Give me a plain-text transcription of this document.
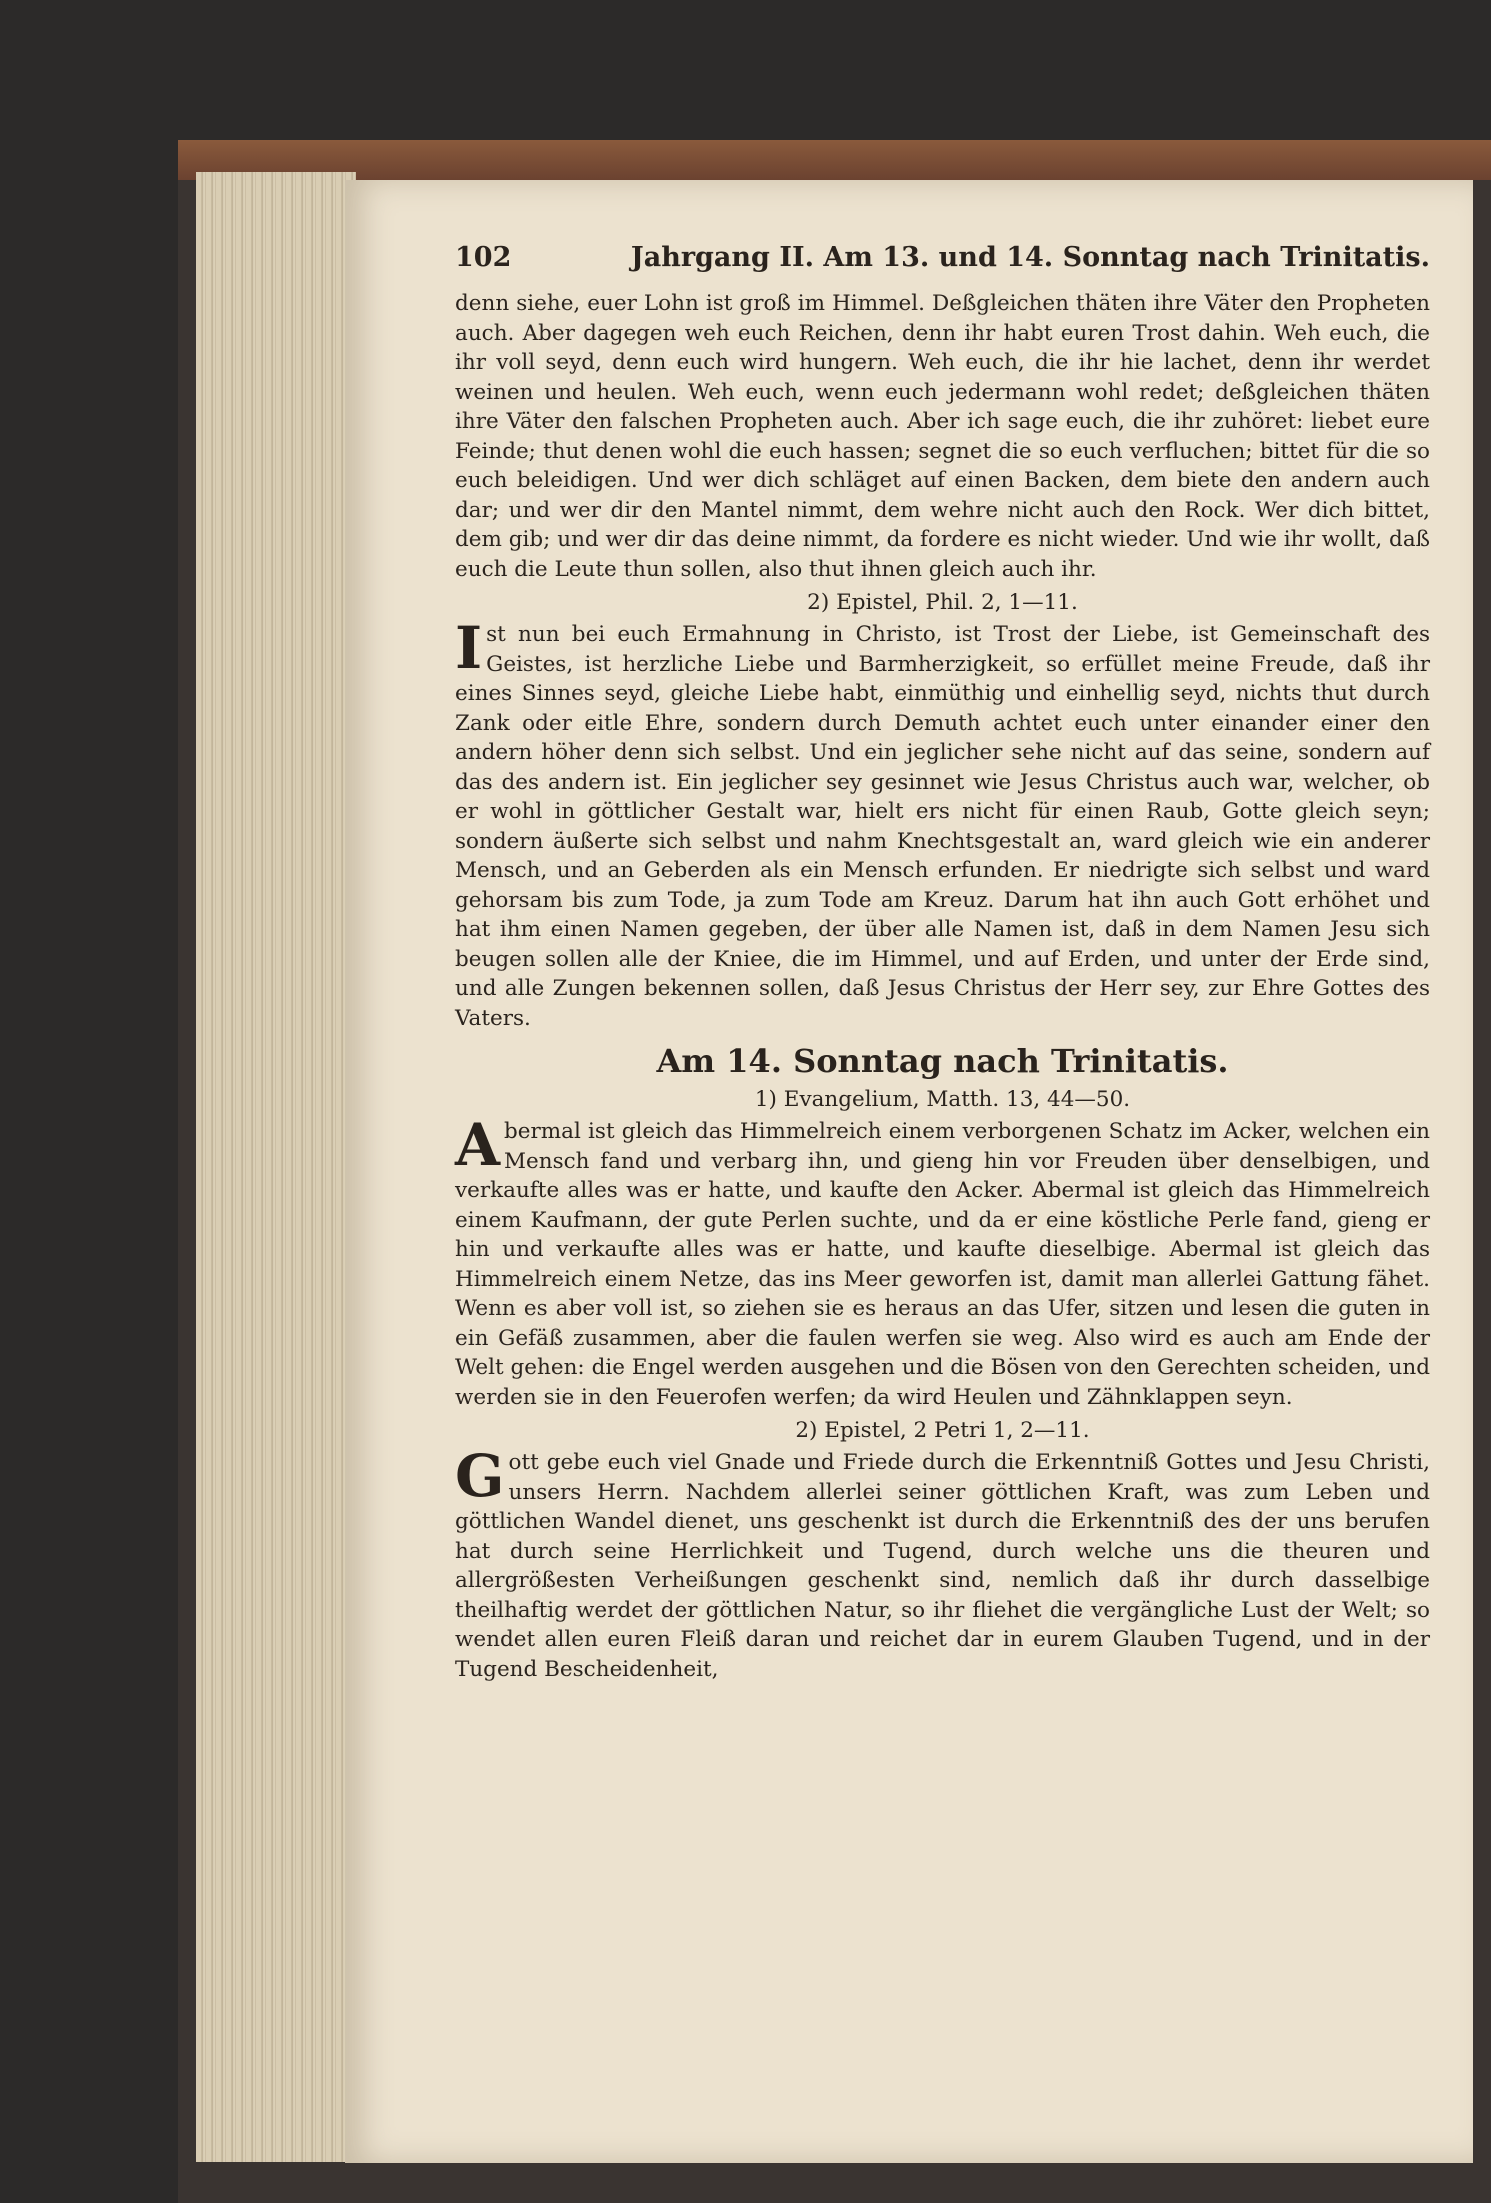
102	Jahrgang II. Am 13. und 14. Sonntag nach Trinitatis.

denn siehe, euer Lohn ist groß im Himmel. Deßgleichen thäten ihre Väter den Propheten auch. Aber dagegen weh euch Reichen, denn ihr habt euren Trost dahin. Weh euch, die ihr voll seyd, denn euch wird hungern. Weh euch, die ihr hie lachet, denn ihr werdet weinen und heulen. Weh euch, wenn euch jedermann wohl redet; deßgleichen thäten ihre Väter den falschen Propheten auch. Aber ich sage euch, die ihr zuhöret: liebet eure Feinde; thut denen wohl die euch hassen; segnet die so euch verfluchen; bittet für die so euch beleidigen. Und wer dich schläget auf einen Backen, dem biete den andern auch dar; und wer dir den Mantel nimmt, dem wehre nicht auch den Rock. Wer dich bittet, dem gib; und wer dir das deine nimmt, da fordere es nicht wieder. Und wie ihr wollt, daß euch die Leute thun sollen, also thut ihnen gleich auch ihr.

2) Epistel, Phil. 2, 1—11.

Ist nun bei euch Ermahnung in Christo, ist Trost der Liebe, ist Gemeinschaft des Geistes, ist herzliche Liebe und Barmherzigkeit, so erfüllet meine Freude, daß ihr eines Sinnes seyd, gleiche Liebe habt, einmüthig und einhellig seyd, nichts thut durch Zank oder eitle Ehre, sondern durch Demuth achtet euch unter einander einer den andern höher denn sich selbst. Und ein jeglicher sehe nicht auf das seine, sondern auf das des andern ist. Ein jeglicher sey gesinnet wie Jesus Christus auch war, welcher, ob er wohl in göttlicher Gestalt war, hielt ers nicht für einen Raub, Gotte gleich seyn; sondern äußerte sich selbst und nahm Knechtsgestalt an, ward gleich wie ein anderer Mensch, und an Geberden als ein Mensch erfunden. Er niedrigte sich selbst und ward gehorsam bis zum Tode, ja zum Tode am Kreuz. Darum hat ihn auch Gott erhöhet und hat ihm einen Namen gegeben, der über alle Namen ist, daß in dem Namen Jesu sich beugen sollen alle der Kniee, die im Himmel, und auf Erden, und unter der Erde sind, und alle Zungen bekennen sollen, daß Jesus Christus der Herr sey, zur Ehre Gottes des Vaters.

Am 14. Sonntag nach Trinitatis.
1) Evangelium, Matth. 13, 44—50.

Abermal ist gleich das Himmelreich einem verborgenen Schatz im Acker, welchen ein Mensch fand und verbarg ihn, und gieng hin vor Freuden über denselbigen, und verkaufte alles was er hatte, und kaufte den Acker. Abermal ist gleich das Himmelreich einem Kaufmann, der gute Perlen suchte, und da er eine köstliche Perle fand, gieng er hin und verkaufte alles was er hatte, und kaufte dieselbige. Abermal ist gleich das Himmelreich einem Netze, das ins Meer geworfen ist, damit man allerlei Gattung fähet. Wenn es aber voll ist, so ziehen sie es heraus an das Ufer, sitzen und lesen die guten in ein Gefäß zusammen, aber die faulen werfen sie weg. Also wird es auch am Ende der Welt gehen: die Engel werden ausgehen und die Bösen von den Gerechten scheiden, und werden sie in den Feuerofen werfen; da wird Heulen und Zähnklappen seyn.

2) Epistel, 2 Petri 1, 2—11.

Gott gebe euch viel Gnade und Friede durch die Erkenntniß Gottes und Jesu Christi, unsers Herrn. Nachdem allerlei seiner göttlichen Kraft, was zum Leben und göttlichen Wandel dienet, uns geschenkt ist durch die Erkenntniß des der uns berufen hat durch seine Herrlichkeit und Tugend, durch welche uns die theuren und allergrößesten Verheißungen geschenkt sind, nemlich daß ihr durch dasselbige theilhaftig werdet der göttlichen Natur, so ihr fliehet die vergängliche Lust der Welt; so wendet allen euren Fleiß daran und reichet dar in eurem Glauben Tugend, und in der Tugend Bescheidenheit,
